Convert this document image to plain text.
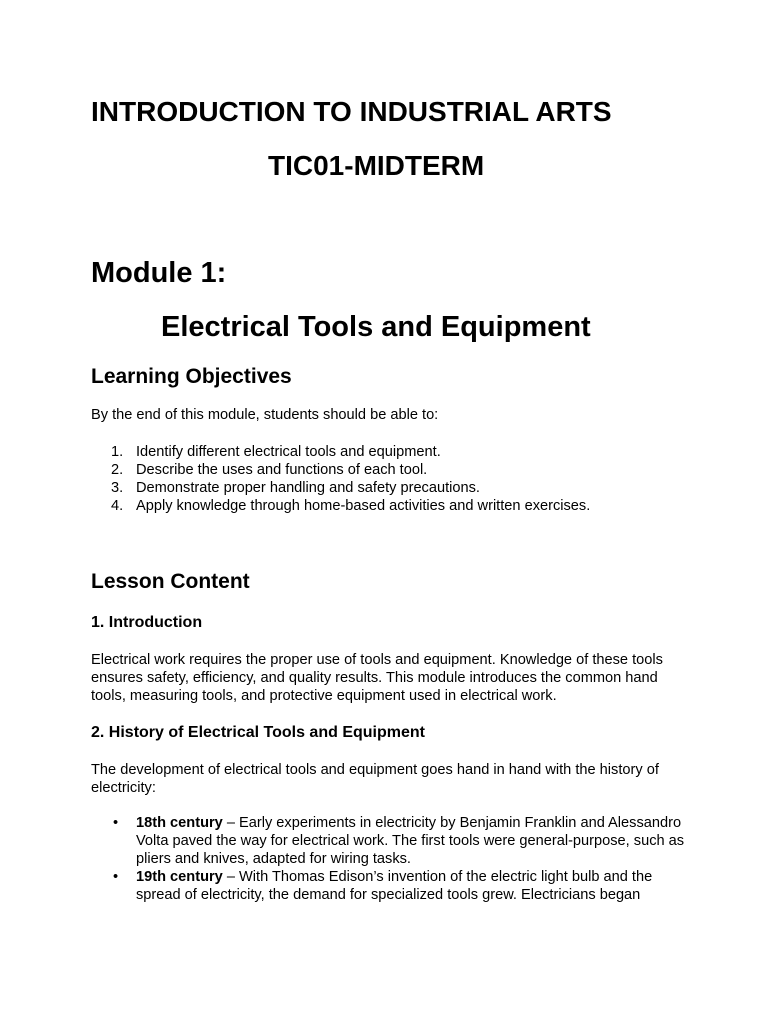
INTRODUCTION TO INDUSTRIAL ARTS
TIC01-MIDTERM
Module 1:
Electrical Tools and Equipment
Learning Objectives

By the end of this module, students should be able to:

1. Identify different electrical tools and equipment.
2. Describe the uses and functions of each tool.
3. Demonstrate proper handling and safety precautions.
4. Apply knowledge through home-based activities and written exercises.
Lesson Content
1. Introduction

Electrical work requires the proper use of tools and equipment. Knowledge of these tools ensures safety, efficiency, and quality results. This module introduces the common hand tools, measuring tools, and protective equipment used in electrical work.

2. History of Electrical Tools and Equipment

The development of electrical tools and equipment goes hand in hand with the history of electricity:

• 18th century – Early experiments in electricity by Benjamin Franklin and Alessandro Volta paved the way for electrical work. The first tools were general-purpose, such as pliers and knives, adapted for wiring tasks.
• 19th century – With Thomas Edison’s invention of the electric light bulb and the spread of electricity, the demand for specialized tools grew. Electricians began
